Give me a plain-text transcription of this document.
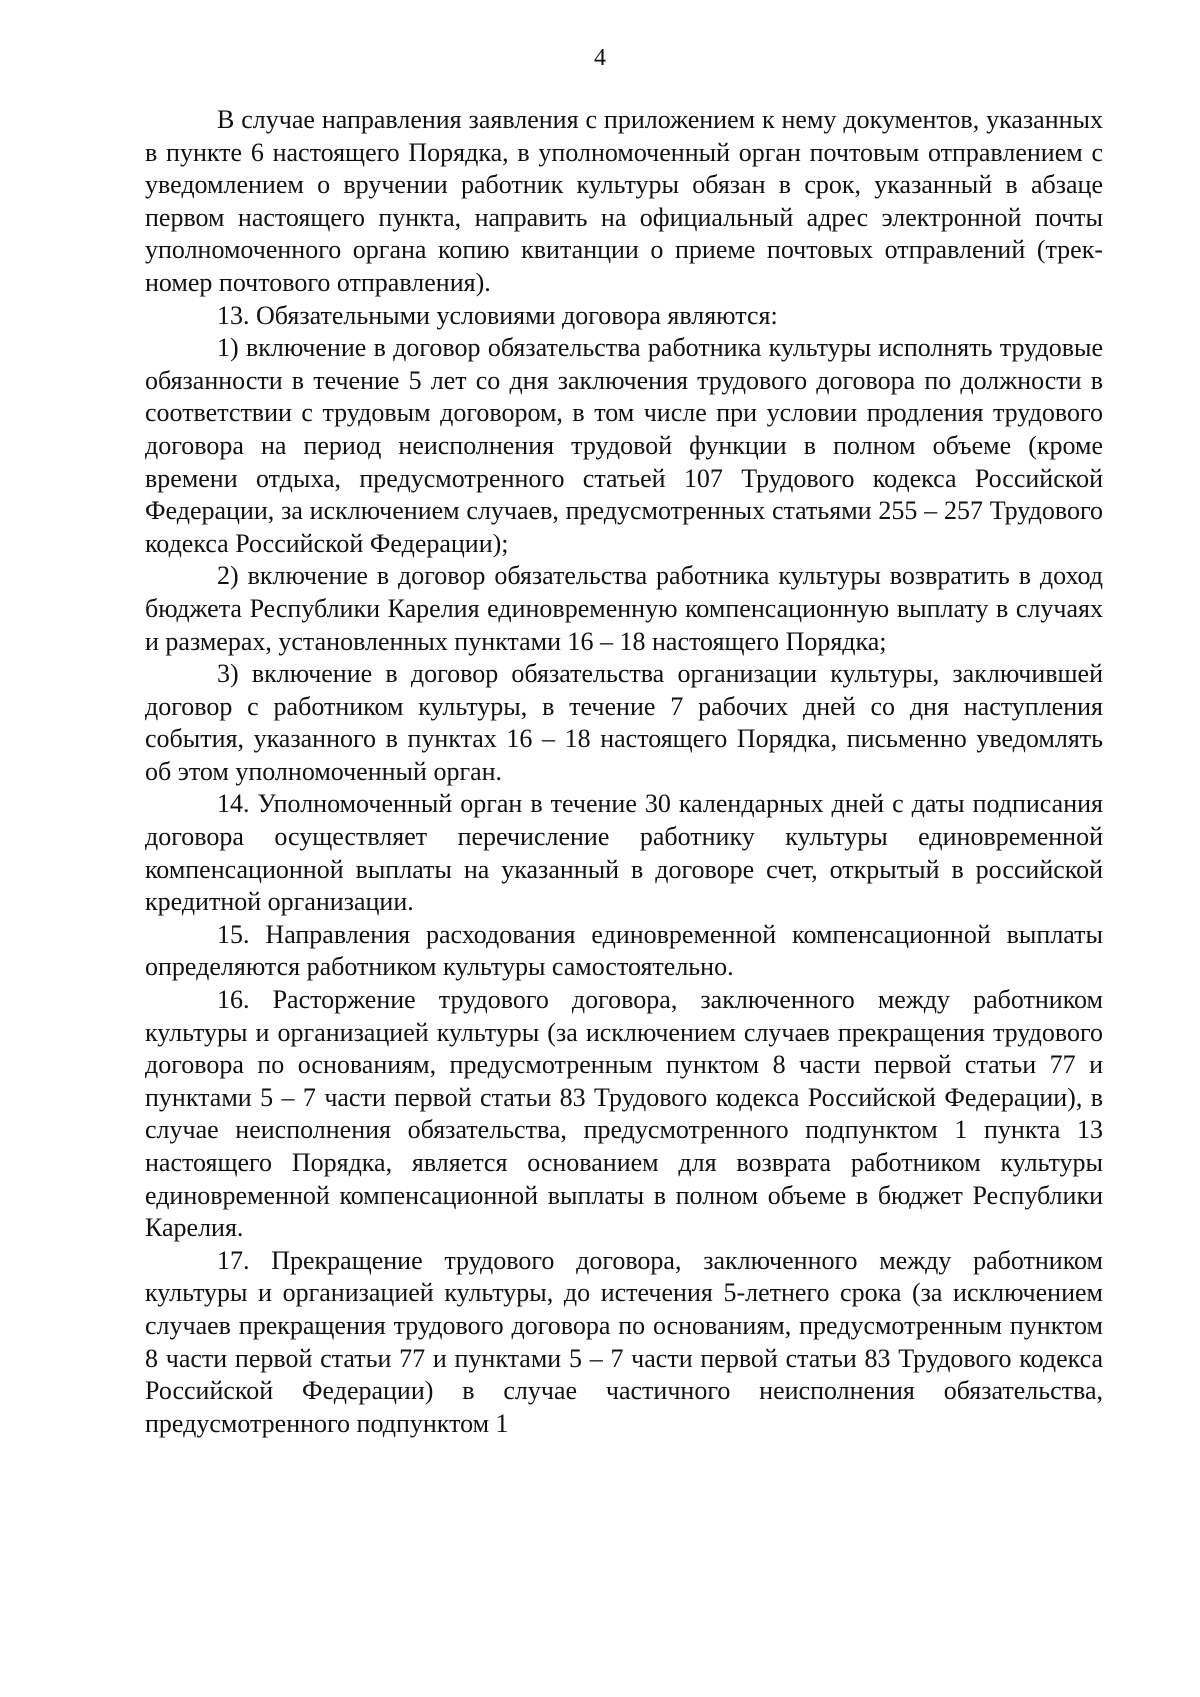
4

В случае направления заявления с приложением к нему документов, указанных в пункте 6 настоящего Порядка, в уполномоченный орган почтовым отправлением с уведомлением о вручении работник культуры обязан в срок, указанный в абзаце первом настоящего пункта, направить на официальный адрес электронной почты уполномоченного органа копию квитанции о приеме почтовых отправлений (трек-номер почтового отправления).

13. Обязательными условиями договора являются:

1) включение в договор обязательства работника культуры исполнять трудовые обязанности в течение 5 лет со дня заключения трудового договора по должности в соответствии с трудовым договором, в том числе при условии продления трудового договора на период неисполнения трудовой функции в полном объеме (кроме времени отдыха, предусмотренного статьей 107 Трудового кодекса Российской Федерации, за исключением случаев, предусмотренных статьями 255 – 257 Трудового кодекса Российской Федерации);

2) включение в договор обязательства работника культуры возвратить в доход бюджета Республики Карелия единовременную компенсационную выплату в случаях и размерах, установленных пунктами 16 – 18 настоящего Порядка;

3) включение в договор обязательства организации культуры, заключившей договор с работником культуры, в течение 7 рабочих дней со дня наступления события, указанного в пунктах 16 – 18 настоящего Порядка, письменно уведомлять об этом уполномоченный орган.

14. Уполномоченный орган в течение 30 календарных дней с даты подписания договора осуществляет перечисление работнику культуры единовременной компенсационной выплаты на указанный в договоре счет, открытый в российской кредитной организации.

15. Направления расходования единовременной компенсационной выплаты определяются работником культуры самостоятельно.

16. Расторжение трудового договора, заключенного между работником культуры и организацией культуры (за исключением случаев прекращения трудового договора по основаниям, предусмотренным пунктом 8 части первой статьи 77 и пунктами 5 – 7 части первой статьи 83 Трудового кодекса Российской Федерации), в случае неисполнения обязательства, предусмотренного подпунктом 1 пункта 13 настоящего Порядка, является основанием для возврата работником культуры единовременной компенсационной выплаты в полном объеме в бюджет Республики Карелия.

17. Прекращение трудового договора, заключенного между работником культуры и организацией культуры, до истечения 5-летнего срока (за исключением случаев прекращения трудового договора по основаниям, предусмотренным пунктом 8 части первой статьи 77 и пунктами 5 – 7 части первой статьи 83 Трудового кодекса Российской Федерации) в случае частичного неисполнения обязательства, предусмотренного подпунктом 1
